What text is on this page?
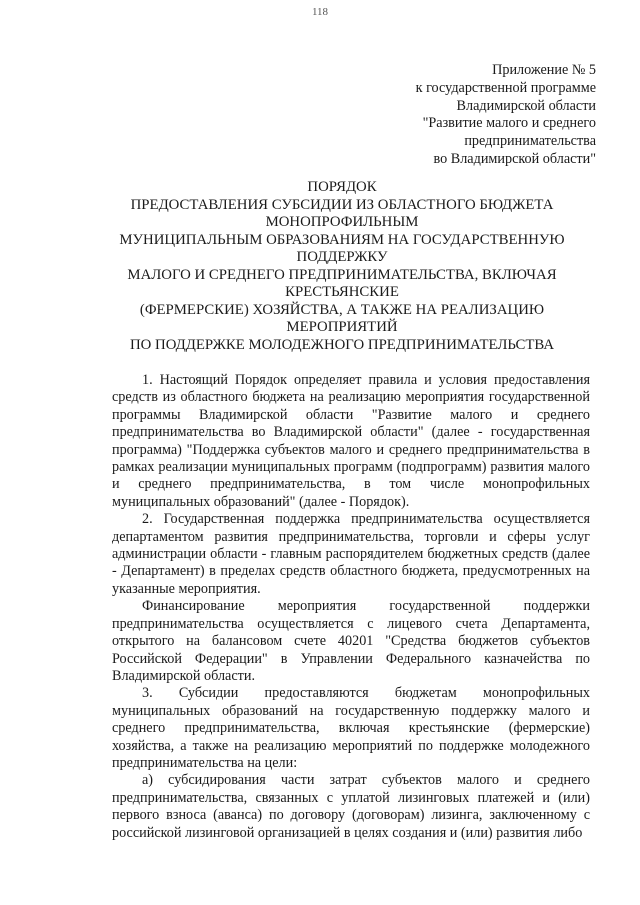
118
Приложение № 5
к государственной программе
Владимирской области
"Развитие малого и среднего
предпринимательства
во Владимирской области"
ПОРЯДОК
ПРЕДОСТАВЛЕНИЯ СУБСИДИИ ИЗ ОБЛАСТНОГО БЮДЖЕТА
МОНОПРОФИЛЬНЫМ
МУНИЦИПАЛЬНЫМ ОБРАЗОВАНИЯМ НА ГОСУДАРСТВЕННУЮ
ПОДДЕРЖКУ
МАЛОГО И СРЕДНЕГО ПРЕДПРИНИМАТЕЛЬСТВА, ВКЛЮЧАЯ
КРЕСТЬЯНСКИЕ
(ФЕРМЕРСКИЕ) ХОЗЯЙСТВА, А ТАКЖЕ НА РЕАЛИЗАЦИЮ
МЕРОПРИЯТИЙ
ПО ПОДДЕРЖКЕ МОЛОДЕЖНОГО ПРЕДПРИНИМАТЕЛЬСТВА

1. Настоящий Порядок определяет правила и условия предоставления средств из областного бюджета на реализацию мероприятия государственной программы Владимирской области "Развитие малого и среднего предпринимательства во Владимирской области" (далее - государственная программа) "Поддержка субъектов малого и среднего предпринимательства в рамках реализации муниципальных программ (подпрограмм) развития малого и среднего предпринимательства, в том числе монопрофильных муниципальных образований" (далее - Порядок).

2. Государственная поддержка предпринимательства осуществляется департаментом развития предпринимательства, торговли и сферы услуг администрации области - главным распорядителем бюджетных средств (далее - Департамент) в пределах средств областного бюджета, предусмотренных на указанные мероприятия.

Финансирование мероприятия государственной поддержки предпринимательства осуществляется с лицевого счета Департамента, открытого на балансовом счете 40201 "Средства бюджетов субъектов Российской Федерации" в Управлении Федерального казначейства по Владимирской области.

3. Субсидии предоставляются бюджетам монопрофильных муниципальных образований на государственную поддержку малого и среднего предпринимательства, включая крестьянские (фермерские) хозяйства, а также на реализацию мероприятий по поддержке молодежного предпринимательства на цели:

а) субсидирования части затрат субъектов малого и среднего предпринимательства, связанных с уплатой лизинговых платежей и (или) первого взноса (аванса) по договору (договорам) лизинга, заключенному с российской лизинговой организацией в целях создания и (или) развития либо
